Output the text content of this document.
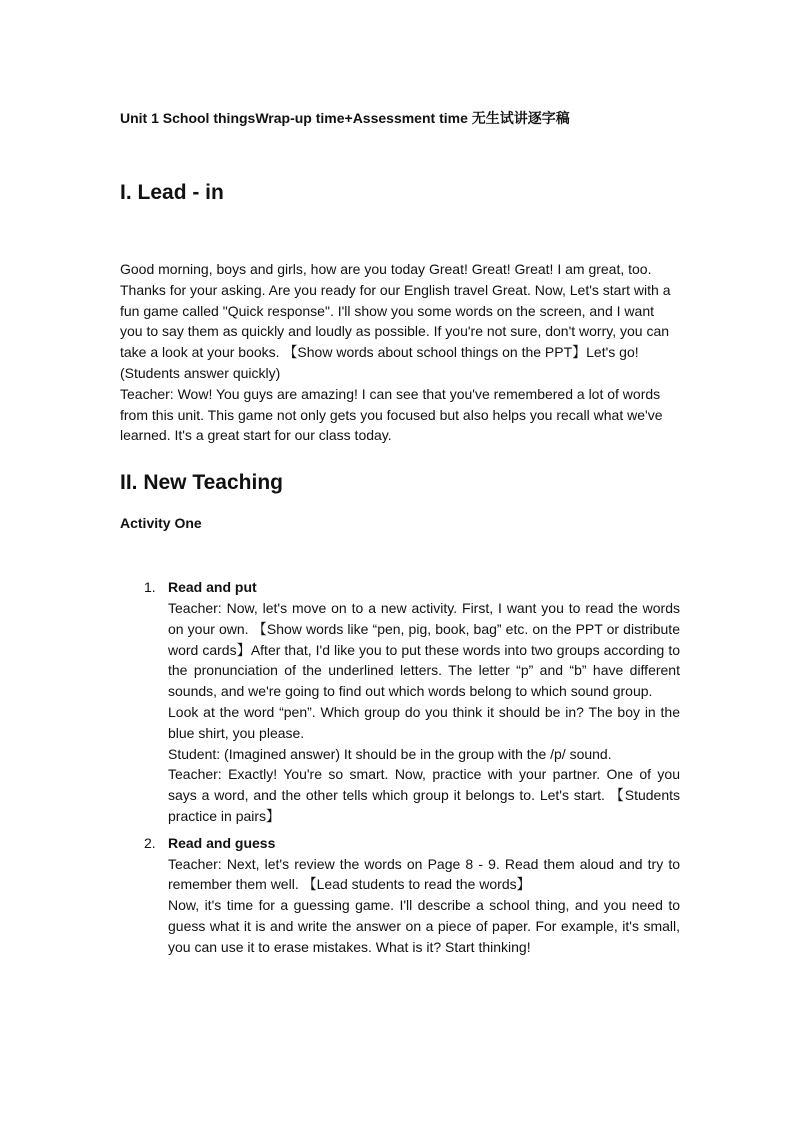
Unit 1 School thingsWrap-up time+Assessment time 无生试讲逐字稿

I. Lead - in

Good morning, boys and girls, how are you today Great! Great! Great! I am great, too. Thanks for your asking. Are you ready for our English travel Great. Now, Let's start with a fun game called "Quick response". I'll show you some words on the screen, and I want you to say them as quickly and loudly as possible. If you're not sure, don't worry, you can take a look at your books. 【Show words about school things on the PPT】Let's go!

(Students answer quickly)

Teacher: Wow! You guys are amazing! I can see that you've remembered a lot of words from this unit. This game not only gets you focused but also helps you recall what we've learned. It's a great start for our class today.

II. New Teaching

Activity One

1. Read and put
Teacher: Now, let's move on to a new activity. First, I want you to read the words on your own. 【Show words like “pen, pig, book, bag” etc. on the PPT or distribute word cards】After that, I'd like you to put these words into two groups according to the pronunciation of the underlined letters. The letter “p” and “b” have different sounds, and we're going to find out which words belong to which sound group.
Look at the word “pen”. Which group do you think it should be in? The boy in the blue shirt, you please.
Student: (Imagined answer) It should be in the group with the /p/ sound.
Teacher: Exactly! You're so smart. Now, practice with your partner. One of you says a word, and the other tells which group it belongs to. Let's start. 【Students practice in pairs】
2. Read and guess
Teacher: Next, let's review the words on Page 8 - 9. Read them aloud and try to remember them well. 【Lead students to read the words】
Now, it's time for a guessing game. I'll describe a school thing, and you need to guess what it is and write the answer on a piece of paper. For example, it's small, you can use it to erase mistakes. What is it? Start thinking!
